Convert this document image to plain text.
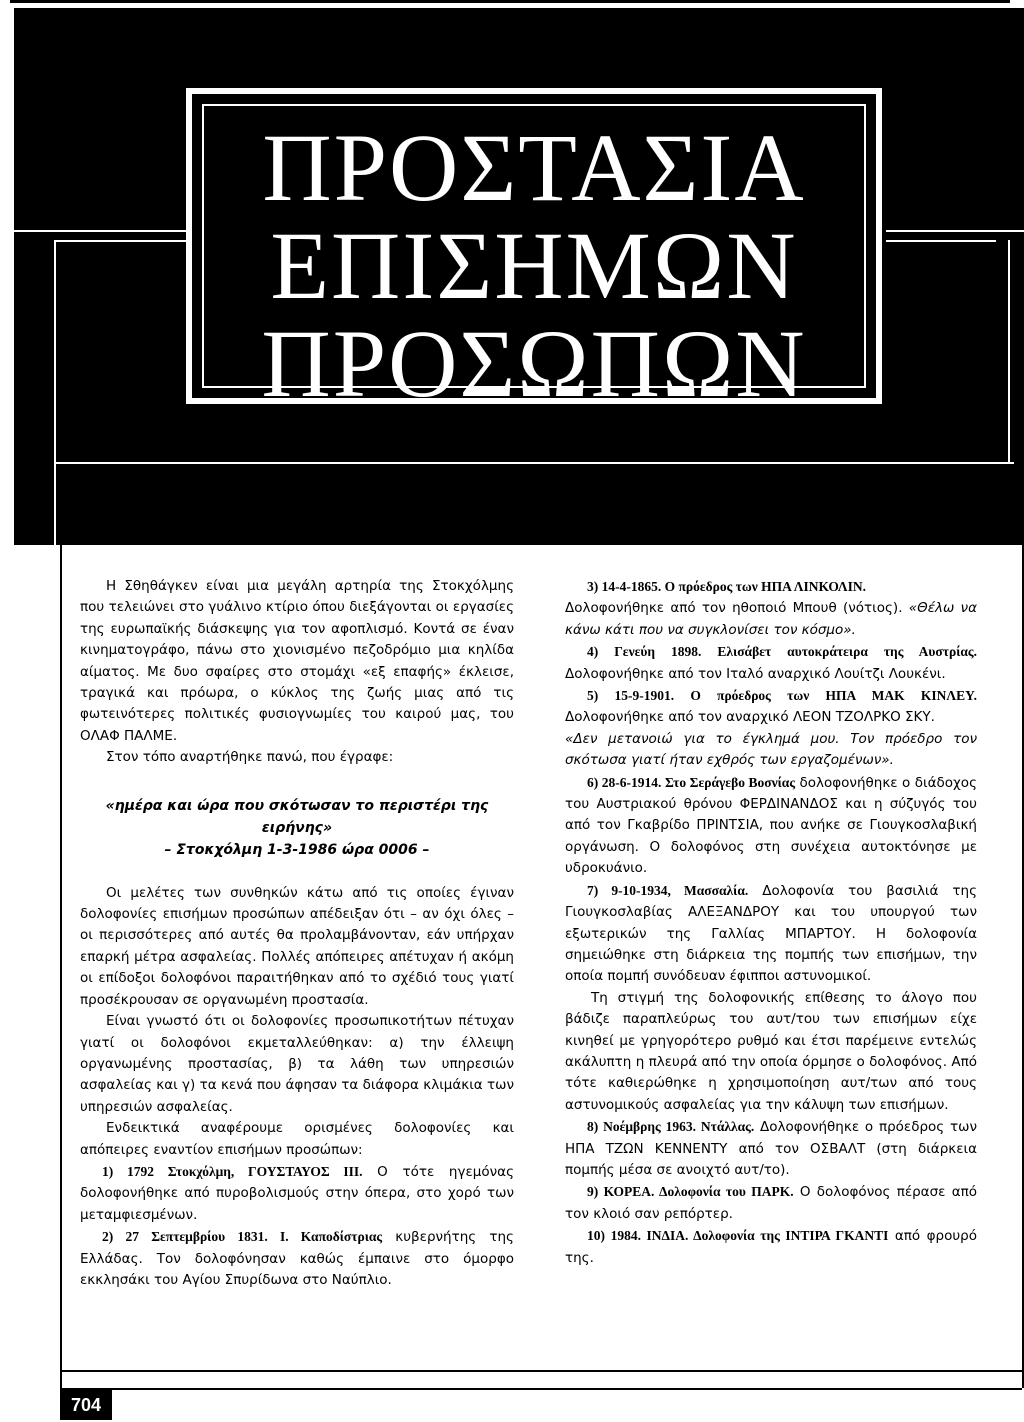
ΠΡΟΣΤΑΣΙΑ
ΕΠΙΣΗΜΩΝ
ΠΡΟΣΩΠΩΝ

Η Σθηθάγκεν είναι μια μεγάλη αρτηρία της Στοκχόλμης που τελειώνει στο γυάλινο κτίριο όπου διεξάγονται οι εργασίες της ευρωπαϊκής διάσκεψης για τον αφοπλισμό. Κοντά σε έναν κινηματογράφο, πάνω στο χιονισμένο πεζοδρόμιο μια κηλίδα αίματος. Με δυο σφαίρες στο στομάχι «εξ επαφής» έκλεισε, τραγικά και πρόωρα, ο κύκλος της ζωής μιας από τις φωτεινότερες πολιτικές φυσιογνωμίες του καιρού μας, του ΟΛΑΦ ΠΑΛΜΕ.

Στον τόπο αναρτήθηκε πανώ, που έγραφε:

«ημέρα και ώρα που σκότωσαν το περιστέρι της ειρήνης»
– Στοκχόλμη 1-3-1986 ώρα 0006 –

Οι μελέτες των συνθηκών κάτω από τις οποίες έγιναν δολοφονίες επισήμων προσώπων απέδειξαν ότι – αν όχι όλες – οι περισσότερες από αυτές θα προλαμβάνονταν, εάν υπήρχαν επαρκή μέτρα ασφαλείας. Πολλές απόπειρες απέτυχαν ή ακόμη οι επίδοξοι δολοφόνοι παραιτήθηκαν από το σχέδιό τους γιατί προσέκρουσαν σε οργανωμένη προστασία.

Είναι γνωστό ότι οι δολοφονίες προσωπικοτήτων πέτυχαν γιατί οι δολοφόνοι εκμεταλλεύθηκαν: α) την έλλειψη οργανωμένης προστασίας, β) τα λάθη των υπηρεσιών ασφαλείας και γ) τα κενά που άφησαν τα διάφορα κλιμάκια των υπηρεσιών ασφαλείας.

Ενδεικτικά αναφέρουμε ορισμένες δολοφονίες και απόπειρες εναντίον επισήμων προσώπων:

1) 1792 Στοκχόλμη, ΓΟΥΣΤΑΥΟΣ ΙΙΙ. Ο τότε ηγεμόνας δολοφονήθηκε από πυροβολισμούς στην όπερα, στο χορό των μεταμφιεσμένων.

2) 27 Σεπτεμβρίου 1831. Ι. Καποδίστριας κυβερνήτης της Ελλάδας. Τον δολοφόνησαν καθώς έμπαινε στο όμορφο εκκλησάκι του Αγίου Σπυρίδωνα στο Ναύπλιο.

3) 14-4-1865. Ο πρόεδρος των ΗΠΑ ΛΙΝΚΟΛΙΝ.
Δολοφονήθηκε από τον ηθοποιό Μπουθ (νότιος). «Θέλω να κάνω κάτι που να συγκλονίσει τον κόσμο».

4) Γενεύη 1898. Ελισάβετ αυτοκράτειρα της Αυστρίας. Δολοφονήθηκε από τον Ιταλό αναρχικό Λουίτζι Λουκένι.

5) 15-9-1901. Ο πρόεδρος των ΗΠΑ ΜΑΚ ΚΙΝΛΕΥ. Δολοφονήθηκε από τον αναρχικό ΛΕΟΝ ΤΖΟΛΡΚΟ ΣΚΥ.

«Δεν μετανοιώ για το έγκλημά μου. Τον πρόεδρο τον σκότωσα γιατί ήταν εχθρός των εργαζομένων».

6) 28-6-1914. Στο Σεράγεβο Βοσνίας δολοφονήθηκε ο διάδοχος του Αυστριακού θρόνου ΦΕΡΔΙΝΑΝΔΟΣ και η σύζυγός του από τον Γκαβρίδο ΠΡΙΝΤΣΙΑ, που ανήκε σε Γιουγκοσλαβική οργάνωση. Ο δολοφόνος στη συνέχεια αυτοκτόνησε με υδροκυάνιο.

7) 9-10-1934, Μασσαλία. Δολοφονία του βασιλιά της Γιουγκοσλαβίας ΑΛΕΞΑΝΔΡΟΥ και του υπουργού των εξωτερικών της Γαλλίας ΜΠΑΡΤΟΥ. Η δολοφονία σημειώθηκε στη διάρκεια της πομπής των επισήμων, την οποία πομπή συνόδευαν έφιπποι αστυνομικοί.

Τη στιγμή της δολοφονικής επίθεσης το άλογο που βάδιζε παραπλεύρως του αυτ/του των επισήμων είχε κινηθεί με γρηγορότερο ρυθμό και έτσι παρέμεινε εντελώς ακάλυπτη η πλευρά από την οποία όρμησε ο δολοφόνος. Από τότε καθιερώθηκε η χρησιμοποίηση αυτ/των από τους αστυνομικούς ασφαλείας για την κάλυψη των επισήμων.

8) Νοέμβρης 1963. Ντάλλας. Δολοφονήθηκε ο πρόεδρος των ΗΠΑ ΤΖΩΝ ΚΕΝΝΕΝΤΥ από τον ΟΣΒΑΛΤ (στη διάρκεια πομπής μέσα σε ανοιχτό αυτ/το).

9) ΚΟΡΕΑ. Δολοφονία του ΠΑΡΚ. Ο δολοφόνος πέρασε από τον κλοιό σαν ρεπόρτερ.

10) 1984. ΙΝΔΙΑ. Δολοφονία της ΙΝΤΙΡΑ ΓΚΑΝΤΙ από φρουρό της.

704
